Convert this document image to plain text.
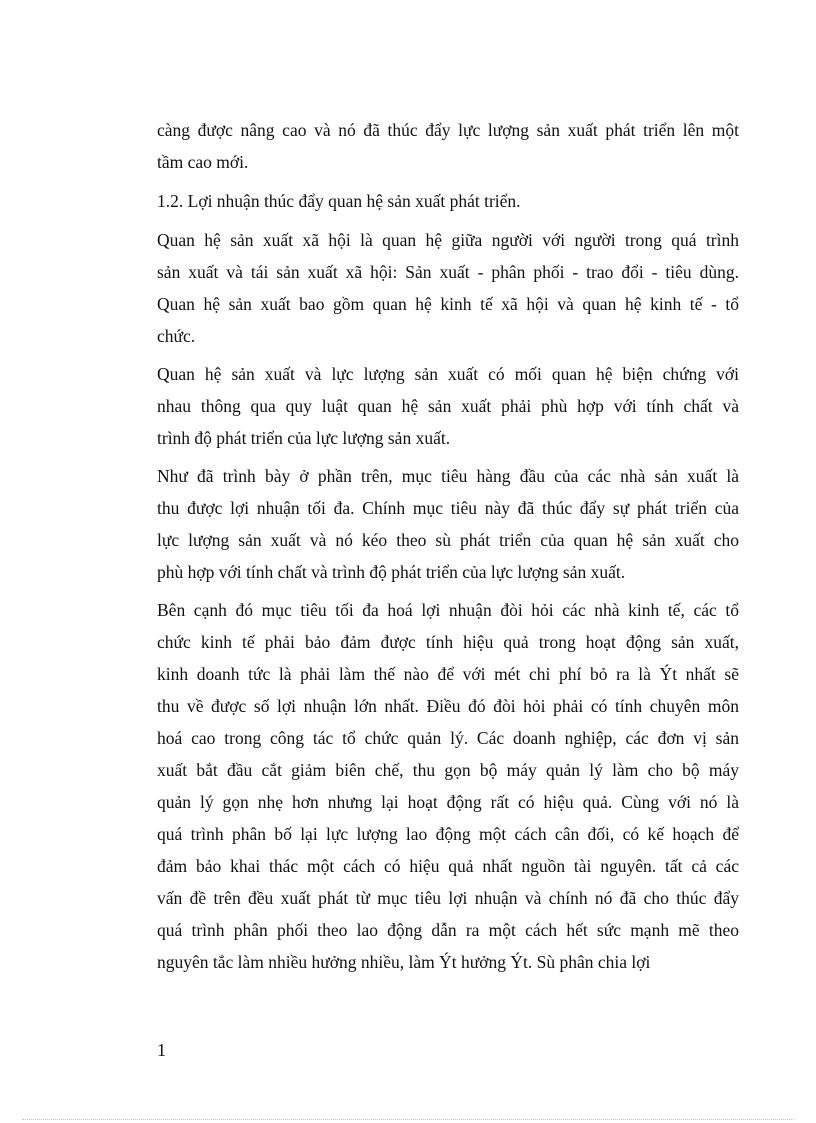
càng được nâng cao và nó đã thúc đẩy lực lượng sản xuất phát triển lên một
tầm cao mới.
1.2. Lợi nhuận thúc đẩy quan hệ sản xuất phát triển.
Quan hệ sản xuất xã hội là quan hệ giữa người với người trong quá trình
sản xuất và tái sản xuất xã hội: Sản xuất - phân phối - trao đổi - tiêu dùng.
Quan hệ sản xuất bao gồm quan hệ kinh tế xã hội và quan hệ kinh tế - tổ
chức.
Quan hệ sản xuất và lực lượng sản xuất có mối quan hệ biện chứng với
nhau thông qua quy luật quan hệ sản xuất phải phù hợp với tính chất và
trình độ phát triển của lực lượng sản xuất.
Như đã trình bày ở phần trên, mục tiêu hàng đầu của các nhà sản xuất là
thu được lợi nhuận tối đa. Chính mục tiêu này đã thúc đẩy sự phát triển của
lực lượng sản xuất và nó kéo theo sù phát triển của quan hệ sản xuất cho
phù hợp với tính chất và trình độ phát triển của lực lượng sản xuất.
Bên cạnh đó mục tiêu tối đa hoá lợi nhuận đòi hỏi các nhà kinh tế, các tổ
chức kinh tế phải bảo đảm được tính hiệu quả trong hoạt động sản xuất,
kinh doanh tức là phải làm thế nào để với mét chi phí bỏ ra là Ýt nhất sẽ
thu về được số lợi nhuận lớn nhất. Điều đó đòi hỏi phải có tính chuyên môn
hoá cao trong công tác tổ chức quản lý. Các doanh nghiệp, các đơn vị sản
xuất bắt đầu cắt giảm biên chế, thu gọn bộ máy quản lý làm cho bộ máy
quản lý gọn nhẹ hơn nhưng lại hoạt động rất có hiệu quả. Cùng với nó là
quá trình phân bố lại lực lượng lao động một cách cân đối, có kế hoạch để
đảm bảo khai thác một cách có hiệu quả nhất nguồn tài nguyên. tất cả các
vấn đề trên đều xuất phát từ mục tiêu lợi nhuận và chính nó đã cho thúc đẩy
quá trình phân phối theo lao động dẫn ra một cách hết sức mạnh mẽ theo
nguyên tắc làm nhiều hưởng nhiều, làm Ýt hưởng Ýt. Sù phân chia lợi
1
